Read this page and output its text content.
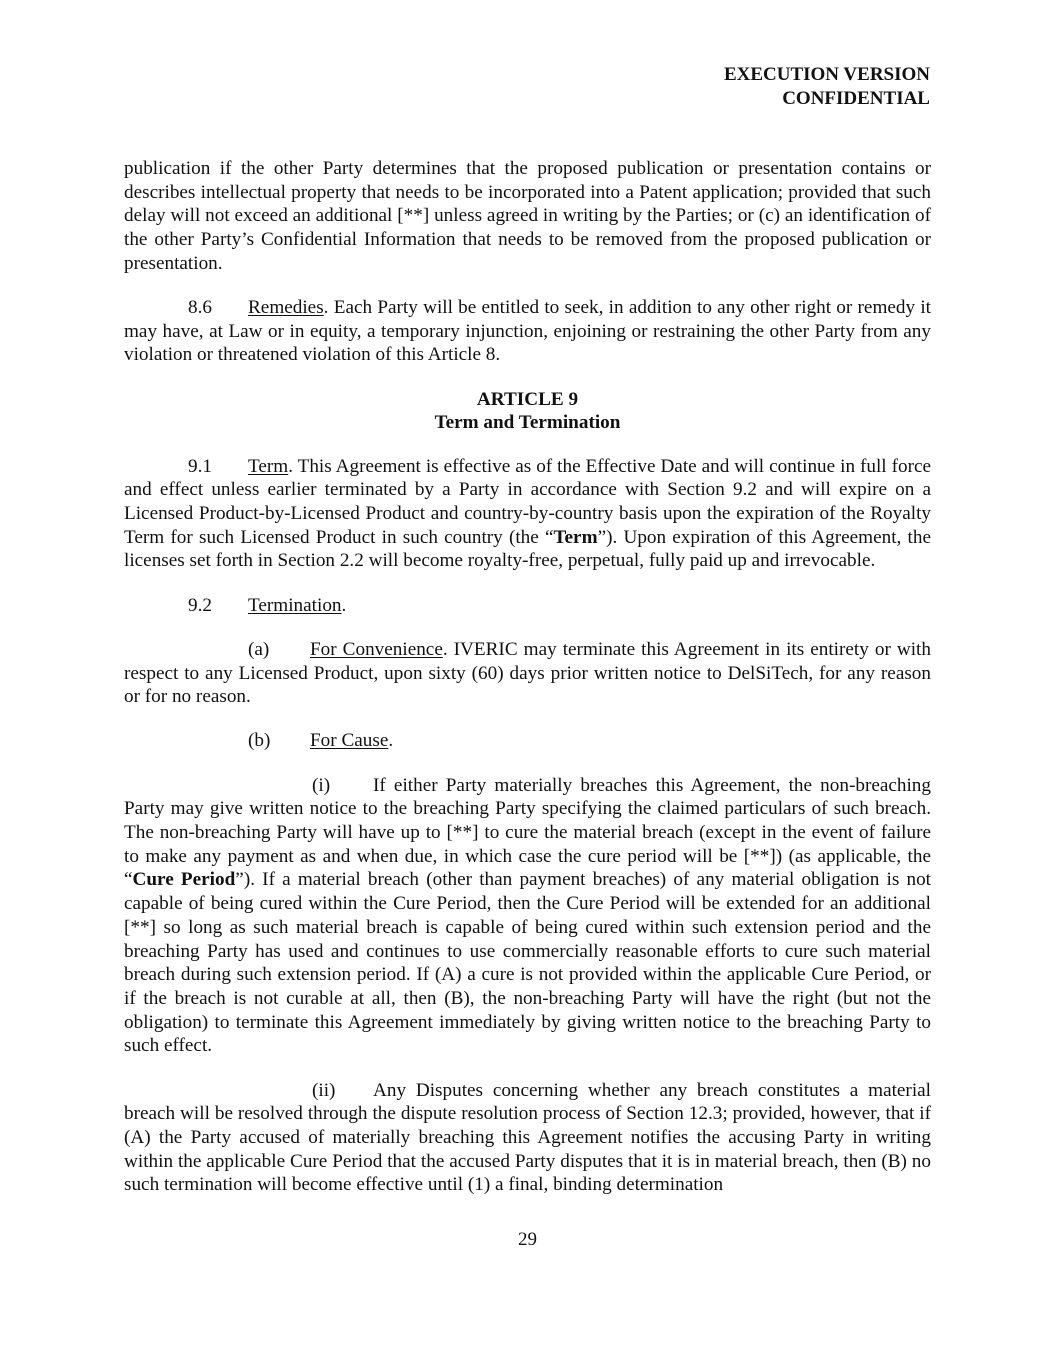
EXECUTION VERSION
CONFIDENTIAL

publication if the other Party determines that the proposed publication or presentation contains or describes intellectual property that needs to be incorporated into a Patent application; provided that such delay will not exceed an additional [**] unless agreed in writing by the Parties; or (c) an identification of the other Party’s Confidential Information that needs to be removed from the proposed publication or presentation.

8.6 Remedies. Each Party will be entitled to seek, in addition to any other right or remedy it may have, at Law or in equity, a temporary injunction, enjoining or restraining the other Party from any violation or threatened violation of this Article 8.

ARTICLE 9
Term and Termination

9.1 Term. This Agreement is effective as of the Effective Date and will continue in full force and effect unless earlier terminated by a Party in accordance with Section 9.2 and will expire on a Licensed Product-by-Licensed Product and country-by-country basis upon the expiration of the Royalty Term for such Licensed Product in such country (the “Term”). Upon expiration of this Agreement, the licenses set forth in Section 2.2 will become royalty-free, perpetual, fully paid up and irrevocable.

9.2 Termination.

(a) For Convenience. IVERIC may terminate this Agreement in its entirety or with respect to any Licensed Product, upon sixty (60) days prior written notice to DelSiTech, for any reason or for no reason.

(b) For Cause.

(i) If either Party materially breaches this Agreement, the non-breaching Party may give written notice to the breaching Party specifying the claimed particulars of such breach. The non-breaching Party will have up to [**] to cure the material breach (except in the event of failure to make any payment as and when due, in which case the cure period will be [**]) (as applicable, the “Cure Period”). If a material breach (other than payment breaches) of any material obligation is not capable of being cured within the Cure Period, then the Cure Period will be extended for an additional [**] so long as such material breach is capable of being cured within such extension period and the breaching Party has used and continues to use commercially reasonable efforts to cure such material breach during such extension period. If (A) a cure is not provided within the applicable Cure Period, or if the breach is not curable at all, then (B), the non-breaching Party will have the right (but not the obligation) to terminate this Agreement immediately by giving written notice to the breaching Party to such effect.

(ii) Any Disputes concerning whether any breach constitutes a material breach will be resolved through the dispute resolution process of Section 12.3; provided, however, that if (A) the Party accused of materially breaching this Agreement notifies the accusing Party in writing within the applicable Cure Period that the accused Party disputes that it is in material breach, then (B) no such termination will become effective until (1) a final, binding determination

29
